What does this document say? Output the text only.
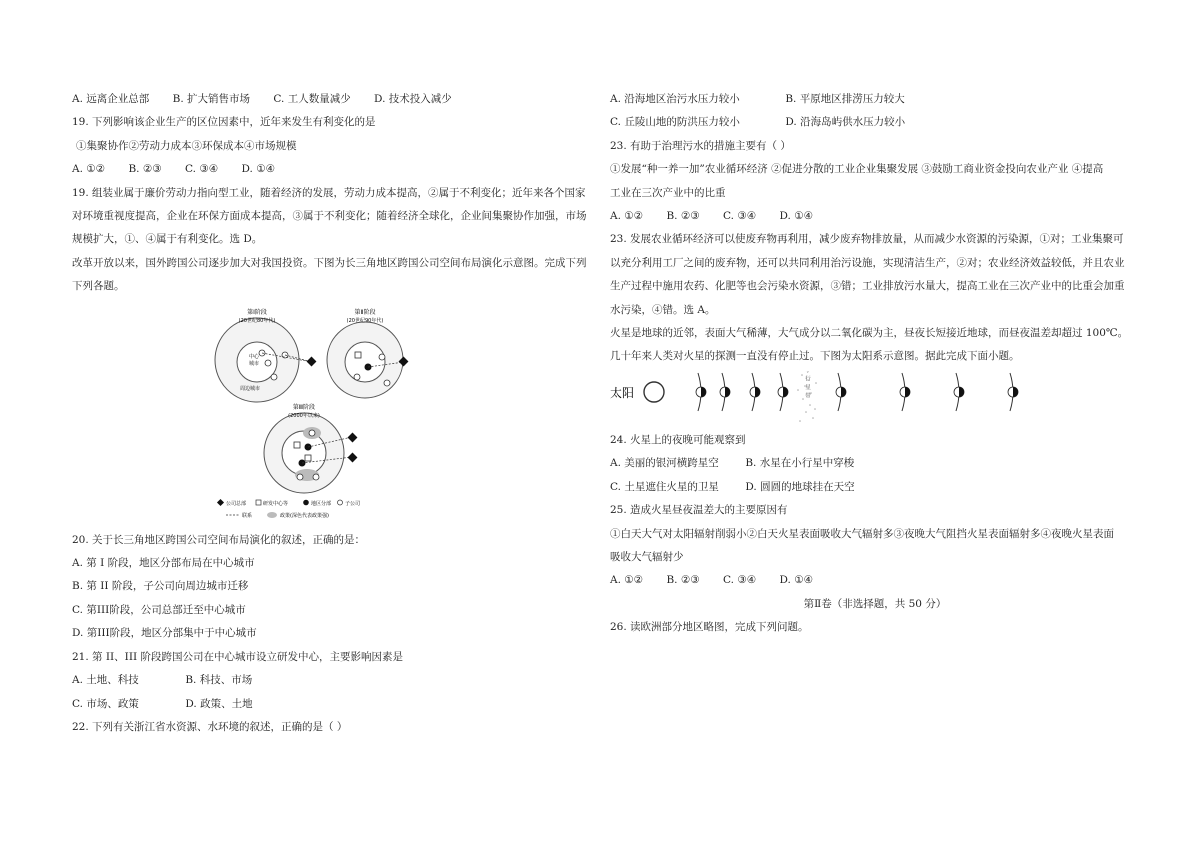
A. 远离企业总部 B. 扩大销售市场 C. 工人数量减少 D. 技术投入减少
19. 下列影响该企业生产的区位因素中，近年来发生有利变化的是
①集聚协作②劳动力成本③环保成本④市场规模
A. ①② B. ②③ C. ③④ D. ①④
19. 组装业属于廉价劳动力指向型工业，随着经济的发展，劳动力成本提高，②属于不利变化；近年来各个国家
对环境重视度提高，企业在环保方面成本提高，③属于不利变化；随着经济全球化，企业间集聚协作加强，市场
规模扩大，①、④属于有利变化。选 D。
改革开放以来，国外跨国公司逐步加大对我国投资。下图为长三角地区跨国公司空间布局演化示意图。完成下列
下列各题。
第Ⅰ阶段
(20世纪80年代)
中心
城市
周边城市
第Ⅱ阶段
(20世纪90年代)
第Ⅲ阶段
(2000年以来)
公司总部	研发中心等	地区分部	子公司
联系	政策(深色代表政策强)
20. 关于长三角地区跨国公司空间布局演化的叙述，正确的是：
A. 第 I 阶段，地区分部布局在中心城市
B. 第 II 阶段，子公司向周边城市迁移
C. 第III阶段，公司总部迁至中心城市
D. 第III阶段，地区分部集中于中心城市
21. 第 II、III 阶段跨国公司在中心城市设立研发中心，主要影响因素是
A. 土地、科技	B. 科技、市场
C. 市场、政策	D. 政策、土地
22. 下列有关浙江省水资源、水环境的叙述，正确的是（ ）
A. 沿海地区治污水压力较小	B. 平原地区排涝压力较大
C. 丘陵山地的防洪压力较小	D. 沿海岛屿供水压力较小
23. 有助于治理污水的措施主要有（ ）
①发展“种一养一加”农业循环经济 ②促进分散的工业企业集聚发展 ③鼓励工商业资金投向农业产业 ④提高
工业在三次产业中的比重
A. ①② B. ②③ C. ③④ D. ①④
23. 发展农业循环经济可以使废弃物再利用，减少废弃物排放量，从而减少水资源的污染源，①对；工业集聚可
以充分利用工厂之间的废弃物，还可以共同利用治污设施，实现清洁生产，②对；农业经济效益较低，并且农业
生产过程中施用农药、化肥等也会污染水资源，③错；工业排放污水量大，提高工业在三次产业中的比重会加重
水污染，④错。选 A。
火星是地球的近邻，表面大气稀薄，大气成分以二氧化碳为主，昼夜长短接近地球，而昼夜温差却超过 100℃。
几十年来人类对火星的探测一直没有停止过。下图为太阳系示意图。据此完成下面小题。
太阳	小行星带
24. 火星上的夜晚可能观察到
A. 美丽的银河横跨星空	B. 水星在小行星中穿梭
C. 土星遮住火星的卫星	D. 圆圆的地球挂在天空
25. 造成火星昼夜温差大的主要原因有
①白天大气对太阳辐射削弱小②白天火星表面吸收大气辐射多③夜晚大气阻挡火星表面辐射多④夜晚火星表面
吸收大气辐射少
A. ①② B. ②③ C. ③④ D. ①④
第Ⅱ卷（非选择题，共 50 分）
26. 读欧洲部分地区略图，完成下列问题。
